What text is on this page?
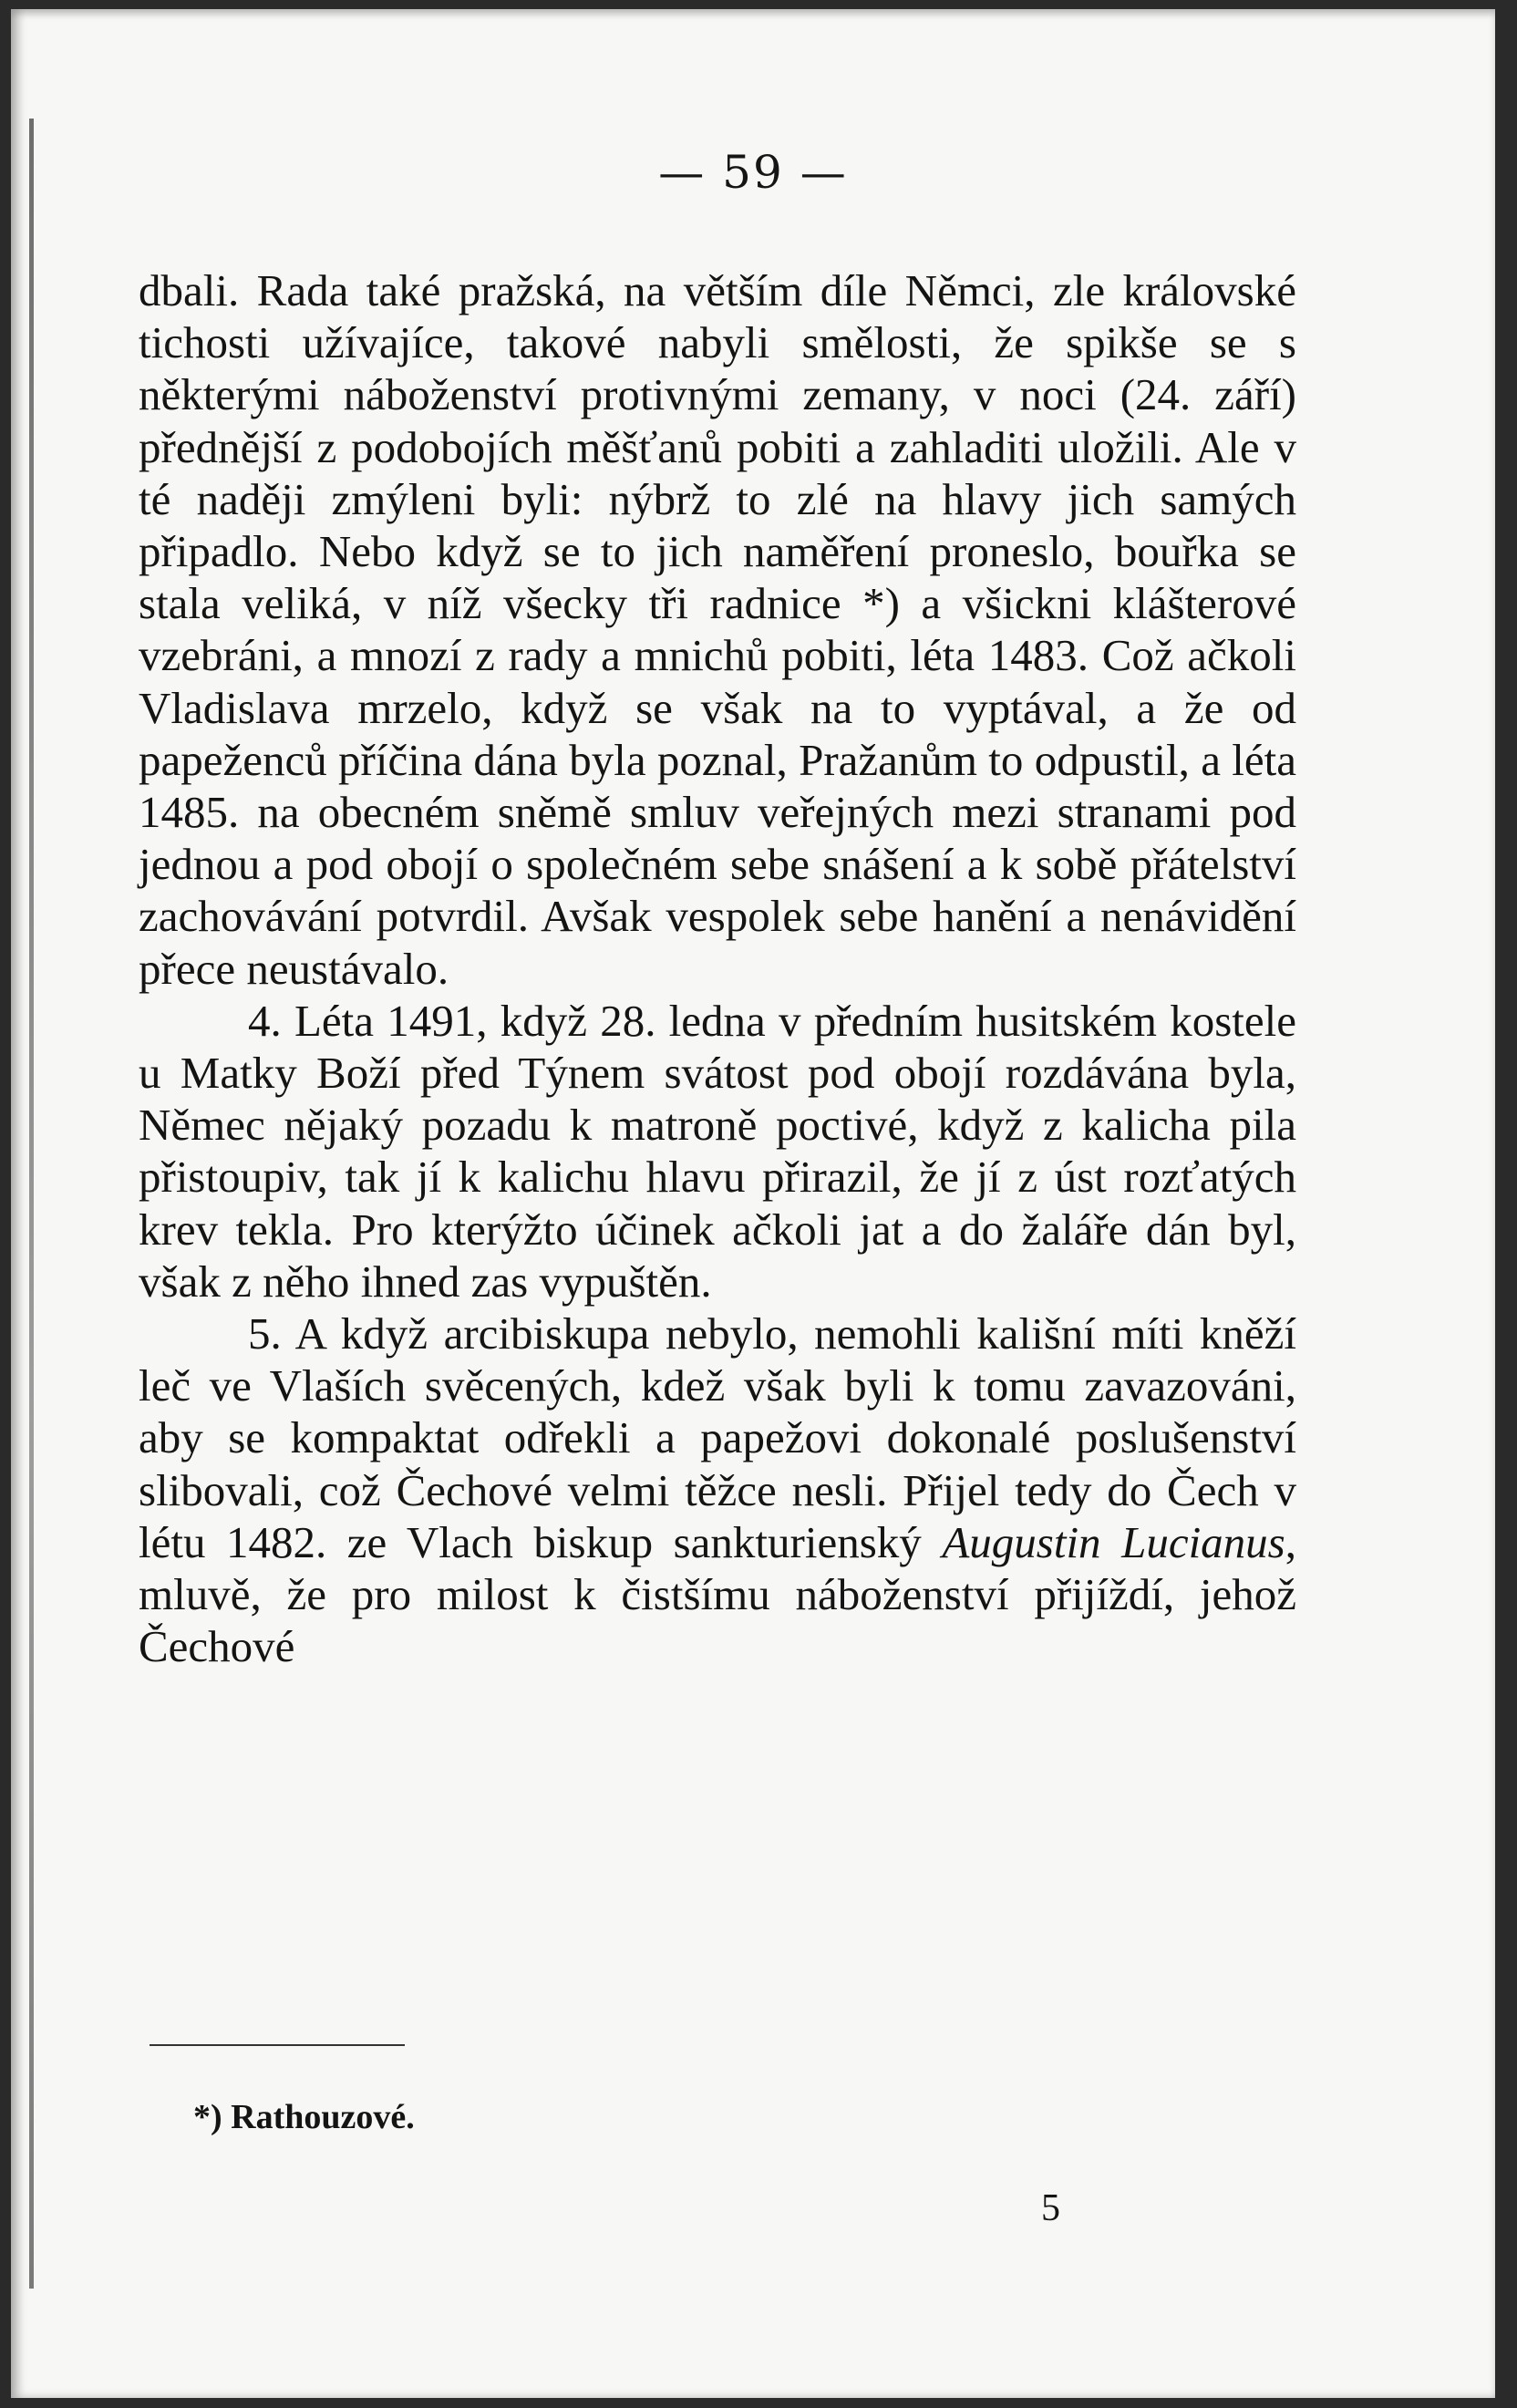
— 59 —

dbali. Rada také pražská, na větším díle Němci, zle královské tichosti užívajíce, takové nabyli smělosti, že spikše se s některými náboženství protivnými zemany, v noci (24. září) přednější z podobojích měšťanů pobiti a zahladiti uložili. Ale v té naději zmýleni byli: nýbrž to zlé na hlavy jich samých připadlo. Nebo když se to jich naměření proneslo, bouřka se stala veliká, v níž všecky tři radnice *) a všickni klášterové vzebráni, a mnozí z rady a mnichů pobiti, léta 1483. Což ačkoli Vladislava mrzelo, když se však na to vyptával, a že od papeženců příčina dána byla poznal, Pražanům to odpustil, a léta 1485. na obecném sněmě smluv veřejných mezi stranami pod jednou a pod obojí o společném sebe snášení a k sobě přátelství zachovávání potvrdil. Avšak vespolek sebe hanění a nenávidění přece neustávalo.

4. Léta 1491, když 28. ledna v předním husitském kostele u Matky Boží před Týnem svátost pod obojí rozdávána byla, Němec nějaký pozadu k matroně poctivé, když z kalicha pila přistoupiv, tak jí k kalichu hlavu přirazil, že jí z úst rozťatých krev tekla. Pro kterýžto účinek ačkoli jat a do žaláře dán byl, však z něho ihned zas vypuštěn.

5. A když arcibiskupa nebylo, nemohli kališní míti kněží leč ve Vlaších svěcených, kdež však byli k tomu zavazováni, aby se kompaktat odřekli a papežovi dokonalé poslušenství slibovali, což Čechové velmi těžce nesli. Přijel tedy do Čech v létu 1482. ze Vlach biskup sankturienský Augustin Lucianus, mluvě, že pro milost k čistšímu náboženství přijíždí, jehož Čechové

*) Rathouzové.
5
